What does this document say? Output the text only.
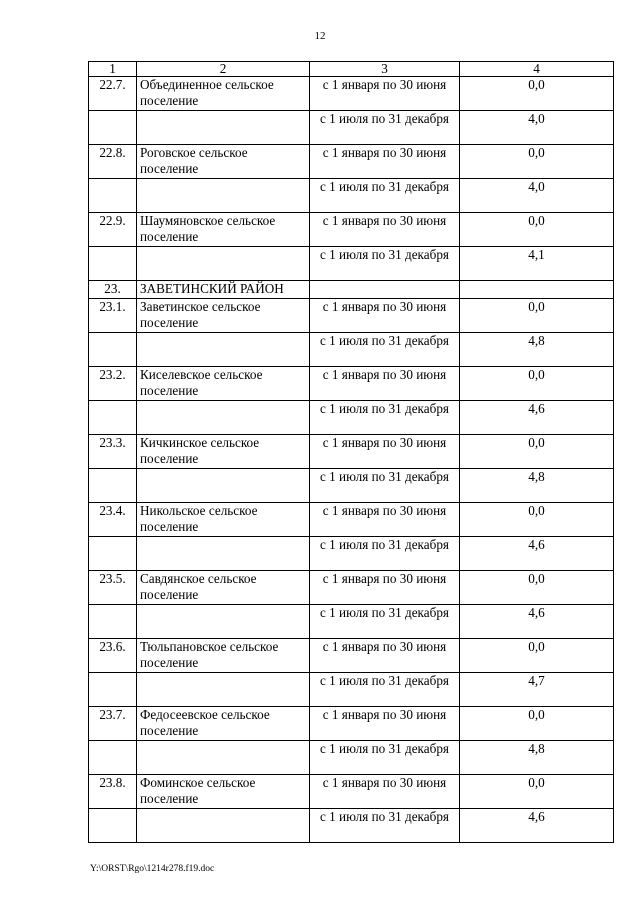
12
1	2	3	4
22.7.	Объединенное сельское поселение	с 1 января по 30 июня	0,0
		с 1 июля по 31 декабря	4,0
22.8.	Роговское сельское поселение	с 1 января по 30 июня	0,0
		с 1 июля по 31 декабря	4,0
22.9.	Шаумяновское сельское поселение	с 1 января по 30 июня	0,0
		с 1 июля по 31 декабря	4,1
23.	ЗАВЕТИНСКИЙ РАЙОН		
23.1.	Заветинское сельское поселение	с 1 января по 30 июня	0,0
		с 1 июля по 31 декабря	4,8
23.2.	Киселевское сельское поселение	с 1 января по 30 июня	0,0
		с 1 июля по 31 декабря	4,6
23.3.	Кичкинское сельское поселение	с 1 января по 30 июня	0,0
		с 1 июля по 31 декабря	4,8
23.4.	Никольское сельское поселение	с 1 января по 30 июня	0,0
		с 1 июля по 31 декабря	4,6
23.5.	Савдянское сельское поселение	с 1 января по 30 июня	0,0
		с 1 июля по 31 декабря	4,6
23.6.	Тюльпановское сельское поселение	с 1 января по 30 июня	0,0
		с 1 июля по 31 декабря	4,7
23.7.	Федосеевское сельское поселение	с 1 января по 30 июня	0,0
		с 1 июля по 31 декабря	4,8
23.8.	Фоминское сельское поселение	с 1 января по 30 июня	0,0
		с 1 июля по 31 декабря	4,6
Y:\ORST\Rgo\1214r278.f19.doc
